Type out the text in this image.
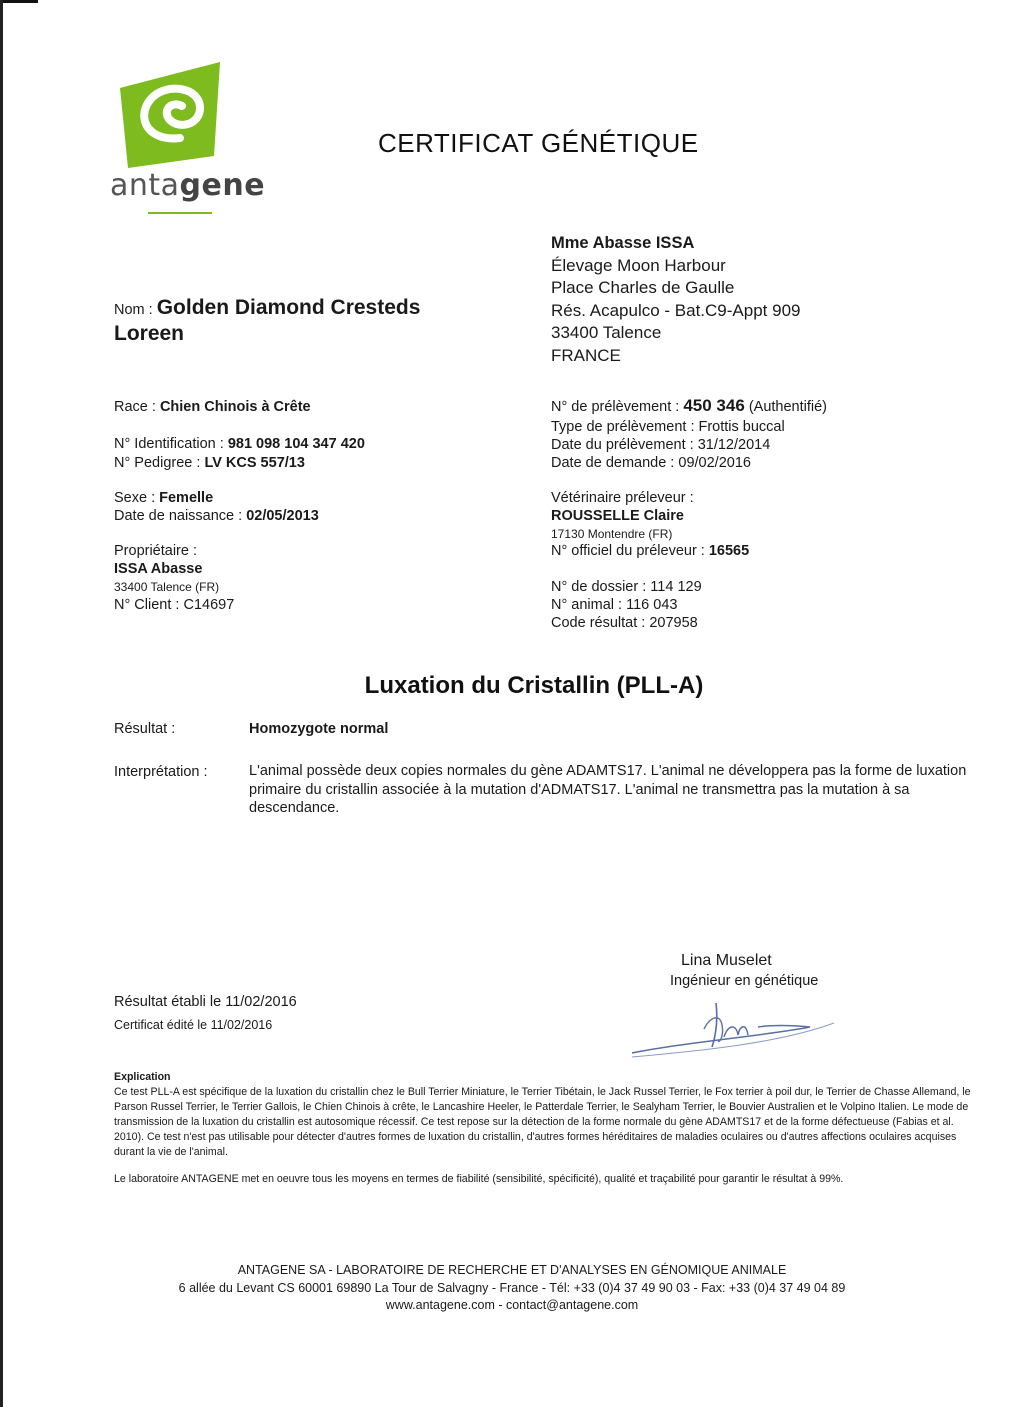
antagene
CERTIFICAT GÉNÉTIQUE
Mme Abasse ISSA
Élevage Moon Harbour
Place Charles de Gaulle
Rés. Acapulco - Bat.C9-Appt 909
33400 Talence
FRANCE
Nom : Golden Diamond Cresteds
Loreen
Race : Chien Chinois à Crête
N° Identification : 981 098 104 347 420
N° Pedigree : LV KCS 557/13
Sexe : Femelle
Date de naissance : 02/05/2013
Propriétaire :
ISSA Abasse
33400 Talence (FR)
N° Client : C14697
N° de prélèvement : 450 346 (Authentifié)
Type de prélèvement : Frottis buccal
Date du prélèvement : 31/12/2014
Date de demande : 09/02/2016
Vétérinaire préleveur :
ROUSSELLE Claire
17130 Montendre (FR)
N° officiel du préleveur : 16565
N° de dossier : 114 129
N° animal : 116 043
Code résultat : 207958
Luxation du Cristallin (PLL-A)
Résultat :	Homozygote normal
Interprétation :	L'animal possède deux copies normales du gène ADAMTS17. L'animal ne développera pas la forme de luxation primaire du cristallin associée à la mutation d'ADMATS17. L'animal ne transmettra pas la mutation à sa descendance.
Lina Muselet
Ingénieur en génétique
Résultat établi le 11/02/2016
Certificat édité le 11/02/2016
Explication
Ce test PLL-A est spécifique de la luxation du cristallin chez le Bull Terrier Miniature, le Terrier Tibétain, le Jack Russel Terrier, le Fox terrier à poil dur, le Terrier de Chasse Allemand, le Parson Russel Terrier, le Terrier Gallois, le Chien Chinois à crête, le Lancashire Heeler, le Patterdale Terrier, le Sealyham Terrier, le Bouvier Australien et le Volpino Italien. Le mode de transmission de la luxation du cristallin est autosomique récessif. Ce test repose sur la détection de la forme normale du gène ADAMTS17 et de la forme défectueuse (Fabias et al. 2010). Ce test n'est pas utilisable pour détecter d'autres formes de luxation du cristallin, d'autres formes héréditaires de maladies oculaires ou d'autres affections oculaires acquises durant la vie de l'animal.
Le laboratoire ANTAGENE met en oeuvre tous les moyens en termes de fiabilité (sensibilité, spécificité), qualité et traçabilité pour garantir le résultat à 99%.
ANTAGENE SA - LABORATOIRE DE RECHERCHE ET D'ANALYSES EN GÉNOMIQUE ANIMALE
6 allée du Levant CS 60001 69890 La Tour de Salvagny - France - Tél: +33 (0)4 37 49 90 03 - Fax: +33 (0)4 37 49 04 89
www.antagene.com - contact@antagene.com
